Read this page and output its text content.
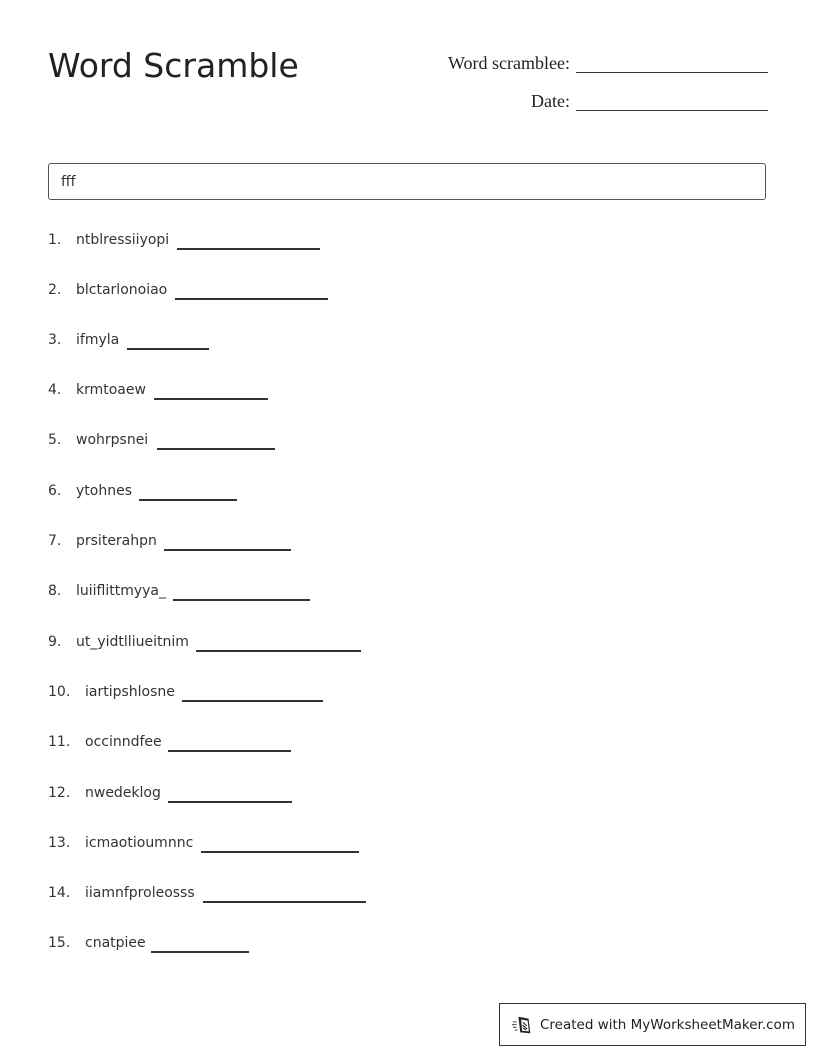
Word Scramble	Word scramblee:
Date:
fff
1. ntblressiiyopi
2. blctarlonoiao
3. ifmyla
4. krmtoaew
5. wohrpsnei
6. ytohnes
7. prsiterahpn
8. luiiflittmyya_
9. ut_yidtlliueitnim
10. iartipshlosne
11. occinndfee
12. nwedeklog
13. icmaotioumnnc
14. iiamnfproleosss
15. cnatpiee
Created with MyWorksheetMaker.com
